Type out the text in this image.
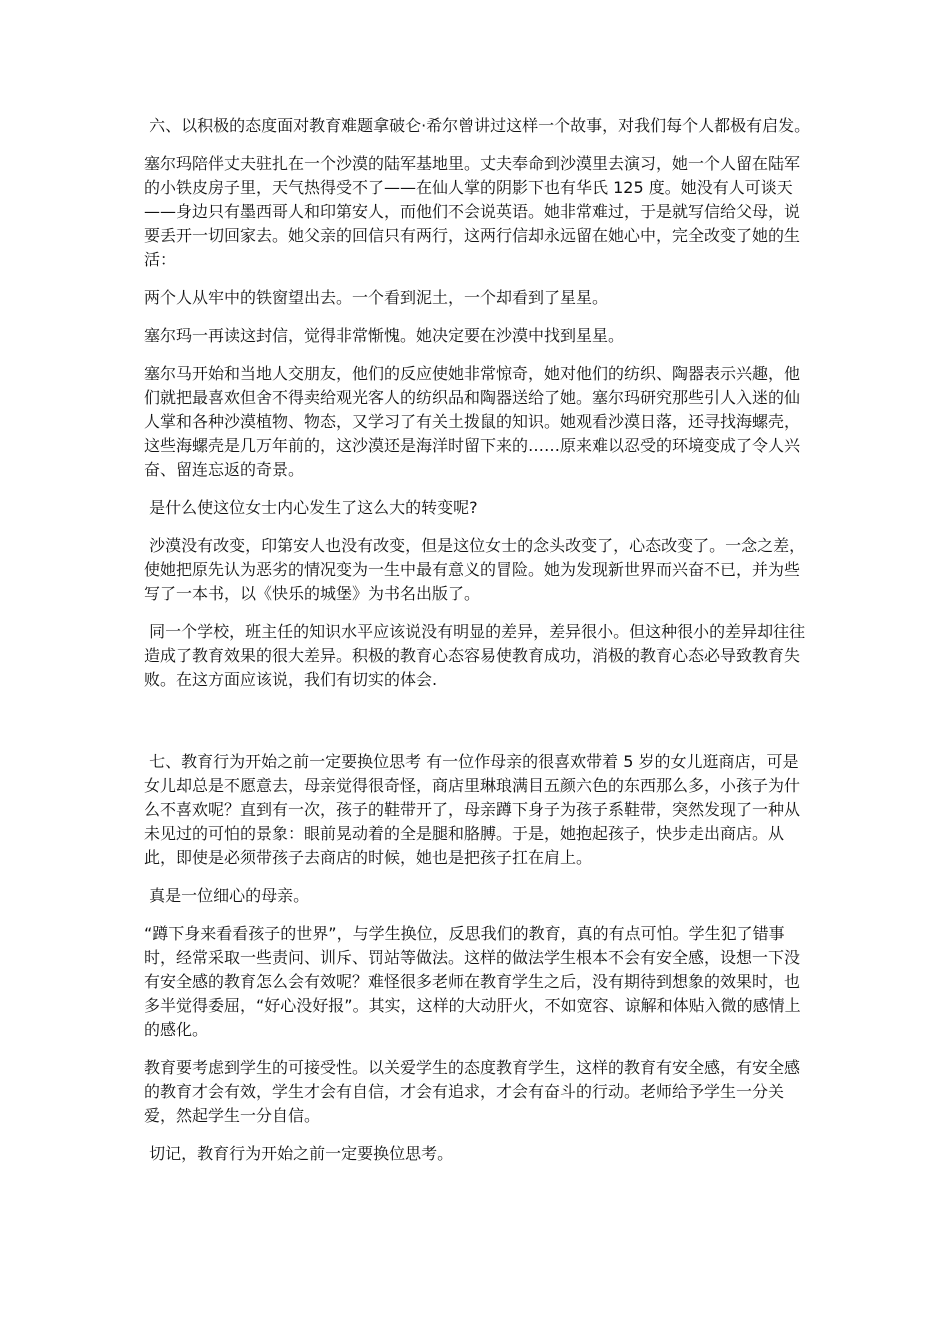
六、以积极的态度面对教育难题拿破仑·希尔曾讲过这样一个故事，对我们每个人都极有启发。

塞尔玛陪伴丈夫驻扎在一个沙漠的陆军基地里。丈夫奉命到沙漠里去演习，她一个人留在陆军的小铁皮房子里，天气热得受不了——在仙人掌的阴影下也有华氏 125 度。她没有人可谈天——身边只有墨西哥人和印第安人，而他们不会说英语。她非常难过，于是就写信给父母，说要丢开一切回家去。她父亲的回信只有两行，这两行信却永远留在她心中，完全改变了她的生活：

两个人从牢中的铁窗望出去。一个看到泥土，一个却看到了星星。

塞尔玛一再读这封信，觉得非常惭愧。她决定要在沙漠中找到星星。

塞尔马开始和当地人交朋友，他们的反应使她非常惊奇，她对他们的纺织、陶器表示兴趣，他们就把最喜欢但舍不得卖给观光客人的纺织品和陶器送给了她。塞尔玛研究那些引人入迷的仙人掌和各种沙漠植物、物态，又学习了有关土拨鼠的知识。她观看沙漠日落，还寻找海螺壳，这些海螺壳是几万年前的，这沙漠还是海洋时留下来的……原来难以忍受的环境变成了令人兴奋、留连忘返的奇景。

是什么使这位女士内心发生了这么大的转变呢?

沙漠没有改变，印第安人也没有改变，但是这位女士的念头改变了，心态改变了。一念之差，使她把原先认为恶劣的情况变为一生中最有意义的冒险。她为发现新世界而兴奋不已，并为些写了一本书，以《快乐的城堡》为书名出版了。

同一个学校，班主任的知识水平应该说没有明显的差异，差异很小。但这种很小的差异却往往造成了教育效果的很大差异。积极的教育心态容易使教育成功，消极的教育心态必导致教育失败。在这方面应该说，我们有切实的体会.

七、教育行为开始之前一定要换位思考 有一位作母亲的很喜欢带着 5 岁的女儿逛商店，可是女儿却总是不愿意去，母亲觉得很奇怪，商店里琳琅满目五颜六色的东西那么多，小孩子为什么不喜欢呢？直到有一次，孩子的鞋带开了，母亲蹲下身子为孩子系鞋带，突然发现了一种从未见过的可怕的景象：眼前晃动着的全是腿和胳膊。于是，她抱起孩子，快步走出商店。从此，即使是必须带孩子去商店的时候，她也是把孩子扛在肩上。

真是一位细心的母亲。

“蹲下身来看看孩子的世界”，与学生换位，反思我们的教育，真的有点可怕。学生犯了错事时，经常采取一些责问、训斥、罚站等做法。这样的做法学生根本不会有安全感，设想一下没有安全感的教育怎么会有效呢？难怪很多老师在教育学生之后，没有期待到想象的效果时，也多半觉得委屈，“好心没好报”。其实，这样的大动肝火，不如宽容、谅解和体贴入微的感情上的感化。

教育要考虑到学生的可接受性。以关爱学生的态度教育学生，这样的教育有安全感，有安全感的教育才会有效，学生才会有自信，才会有追求，才会有奋斗的行动。老师给予学生一分关爱，然起学生一分自信。

切记，教育行为开始之前一定要换位思考。
